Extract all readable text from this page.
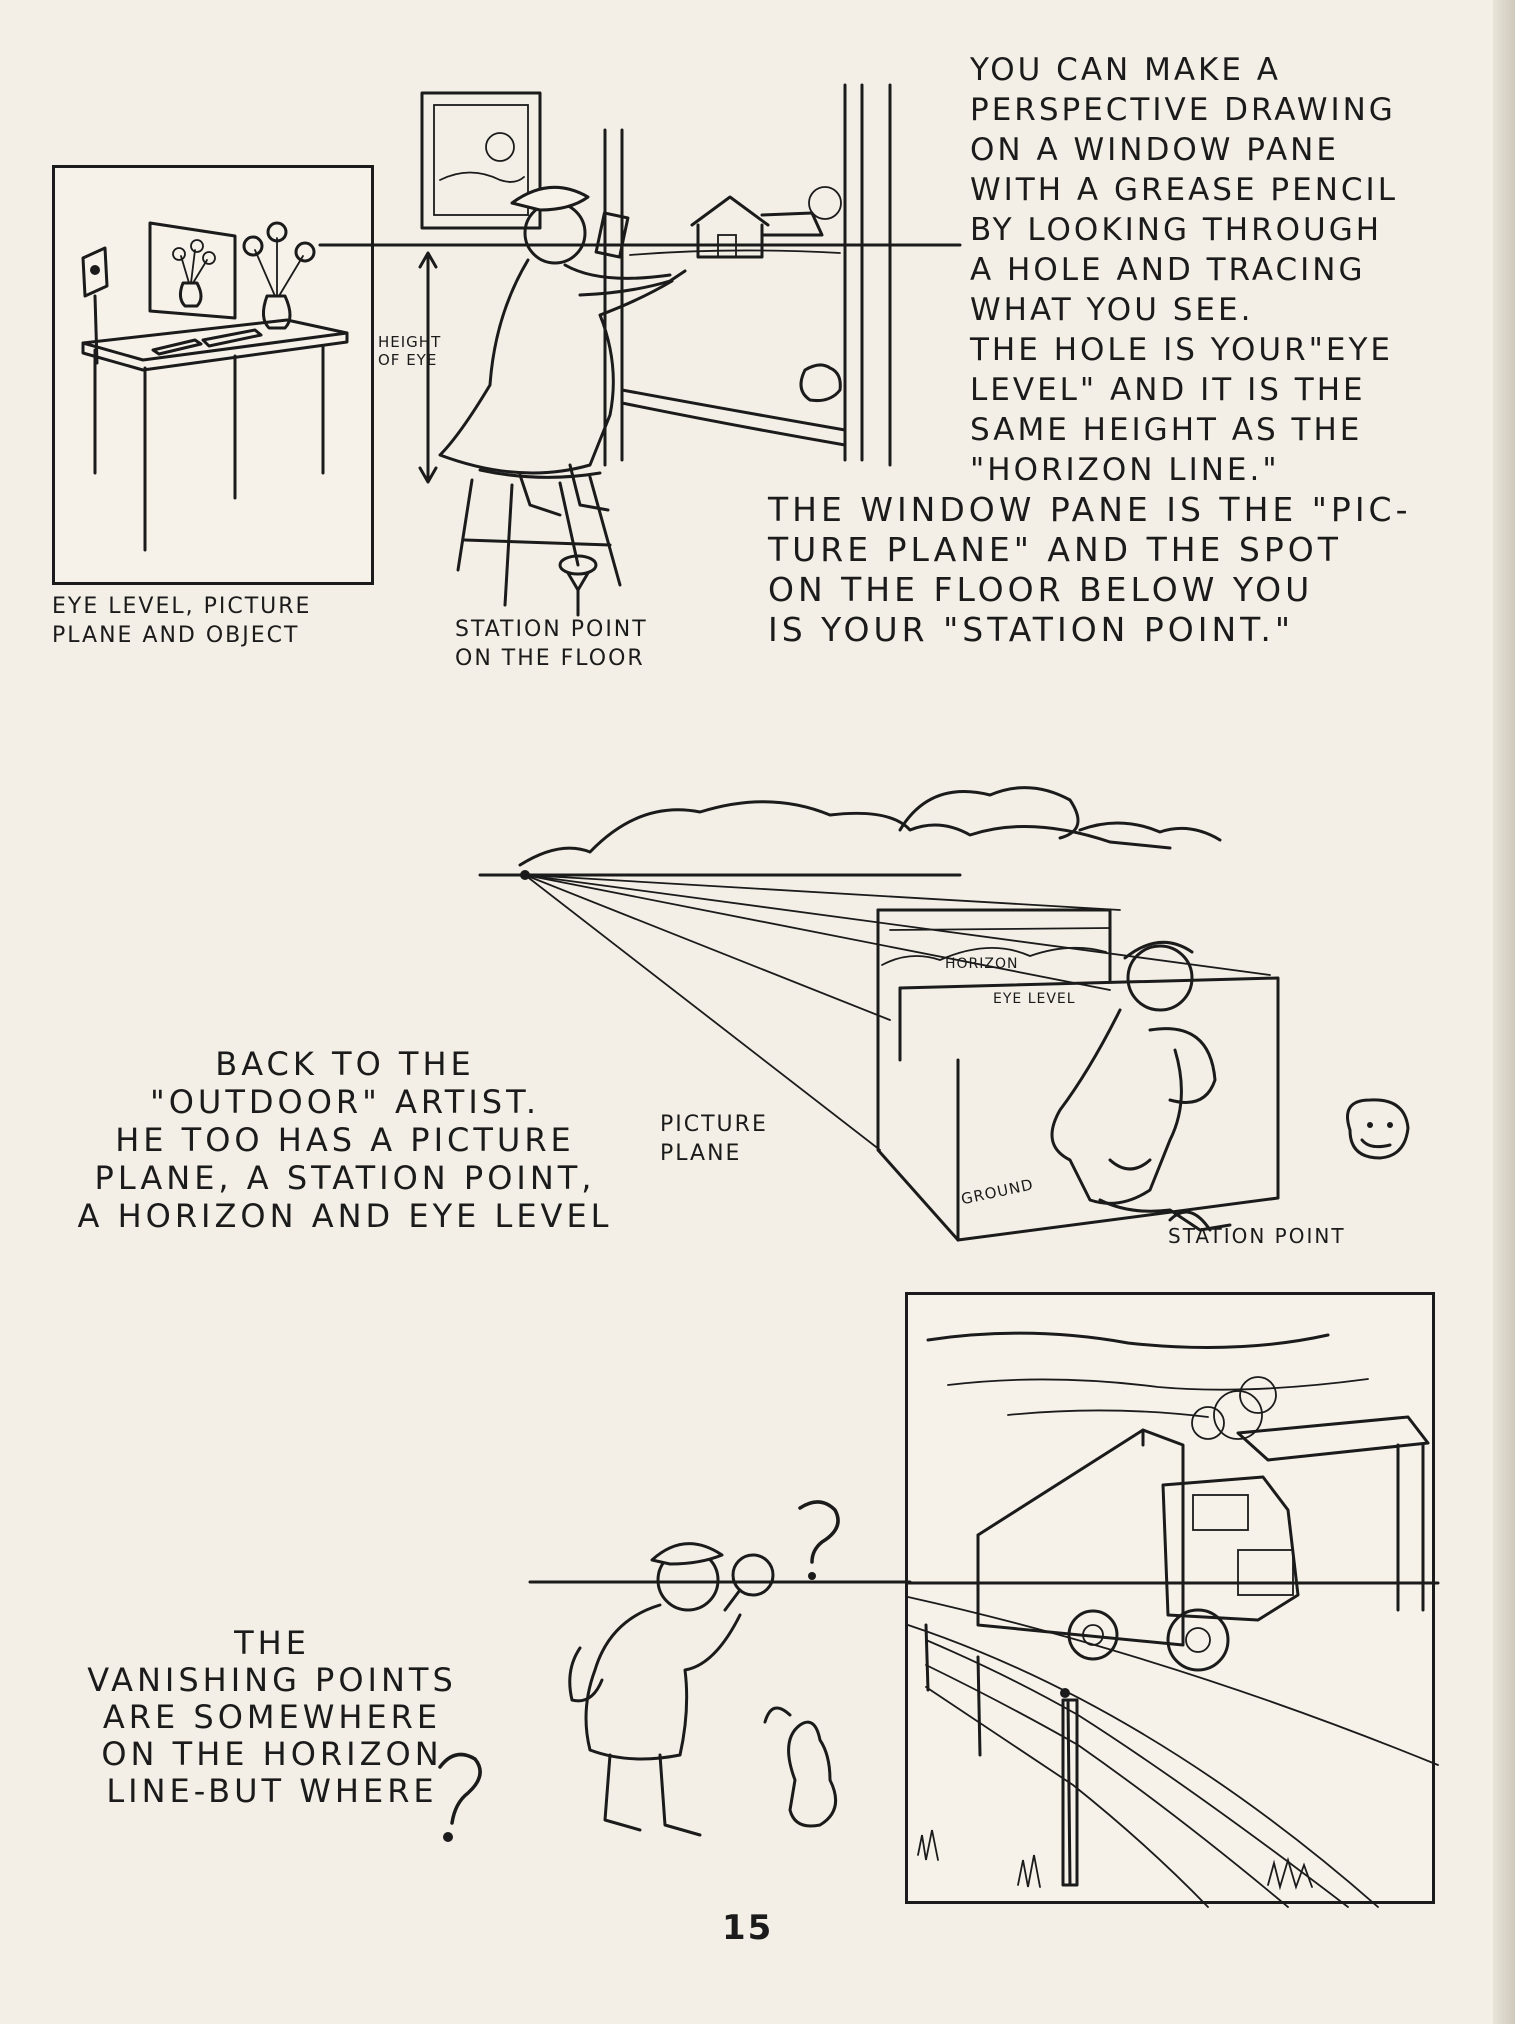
EYE LEVEL, PICTURE
PLANE AND OBJECT
HEIGHT
OF EYE
STATION POINT
ON THE FLOOR
YOU CAN MAKE A
PERSPECTIVE DRAWING
ON A WINDOW PANE
WITH A GREASE PENCIL
BY LOOKING THROUGH
A HOLE AND TRACING
WHAT YOU SEE.
THE HOLE IS YOUR"EYE
LEVEL" AND IT IS THE
SAME HEIGHT AS THE
"HORIZON LINE."
THE WINDOW PANE IS THE "PIC-
TURE PLANE" AND THE SPOT
ON THE FLOOR BELOW YOU
IS YOUR "STATION POINT."
HORIZON
EYE LEVEL
PICTURE
PLANE
GROUND
STATION POINT
BACK TO THE
"OUTDOOR" ARTIST.
HE TOO HAS A PICTURE
PLANE, A STATION POINT,
A HORIZON AND EYE LEVEL
THE
VANISHING POINTS
ARE SOMEWHERE
ON THE HORIZON
LINE-BUT WHERE
15
